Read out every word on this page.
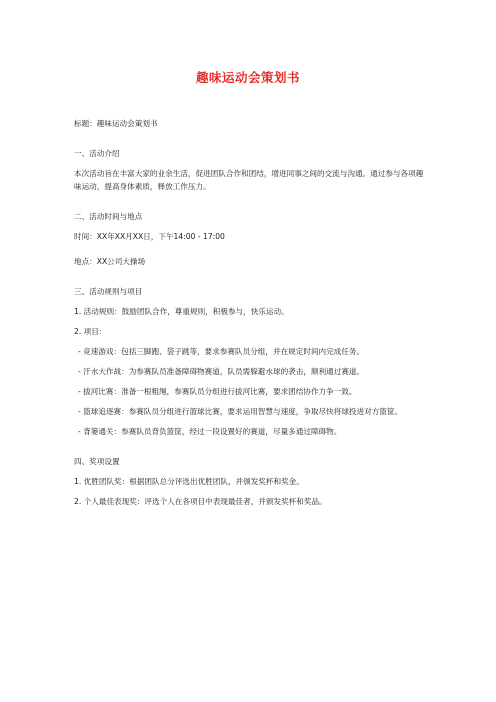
趣味运动会策划书

标题：趣味运动会策划书

一、活动介绍

本次活动旨在丰富大家的业余生活，促进团队合作和团结，增进同事之间的交流与沟通。通过参与各项趣味运动，提高身体素质，释放工作压力。

二、活动时间与地点

时间：XX年XX月XX日，下午14:00 - 17:00

地点：XX公司大操场

三、活动规则与项目

1. 活动规则：鼓励团队合作，尊重规则，积极参与，快乐运动。

2. 项目：

- 竞速游戏：包括三脚跑、袋子跳等，要求参赛队员分组，并在规定时间内完成任务。

- 汗水大作战：为参赛队员准备障碍物赛道，队员需躲避水球的袭击，顺利通过赛道。

- 拔河比赛：准备一根粗绳，参赛队员分组进行拔河比赛，要求团结协作力争一致。

- 篮球追逐赛：参赛队员分组进行篮球比赛，要求运用智慧与速度，争取尽快将球投进对方篮筐。

- 背篓通关：参赛队员背负篮筐，经过一段设置好的赛道，尽量多通过障碍物。

四、奖项设置

1. 优胜团队奖：根据团队总分评选出优胜团队，并颁发奖杯和奖金。

2. 个人最佳表现奖：评选个人在各项目中表现最佳者，并颁发奖杯和奖品。
